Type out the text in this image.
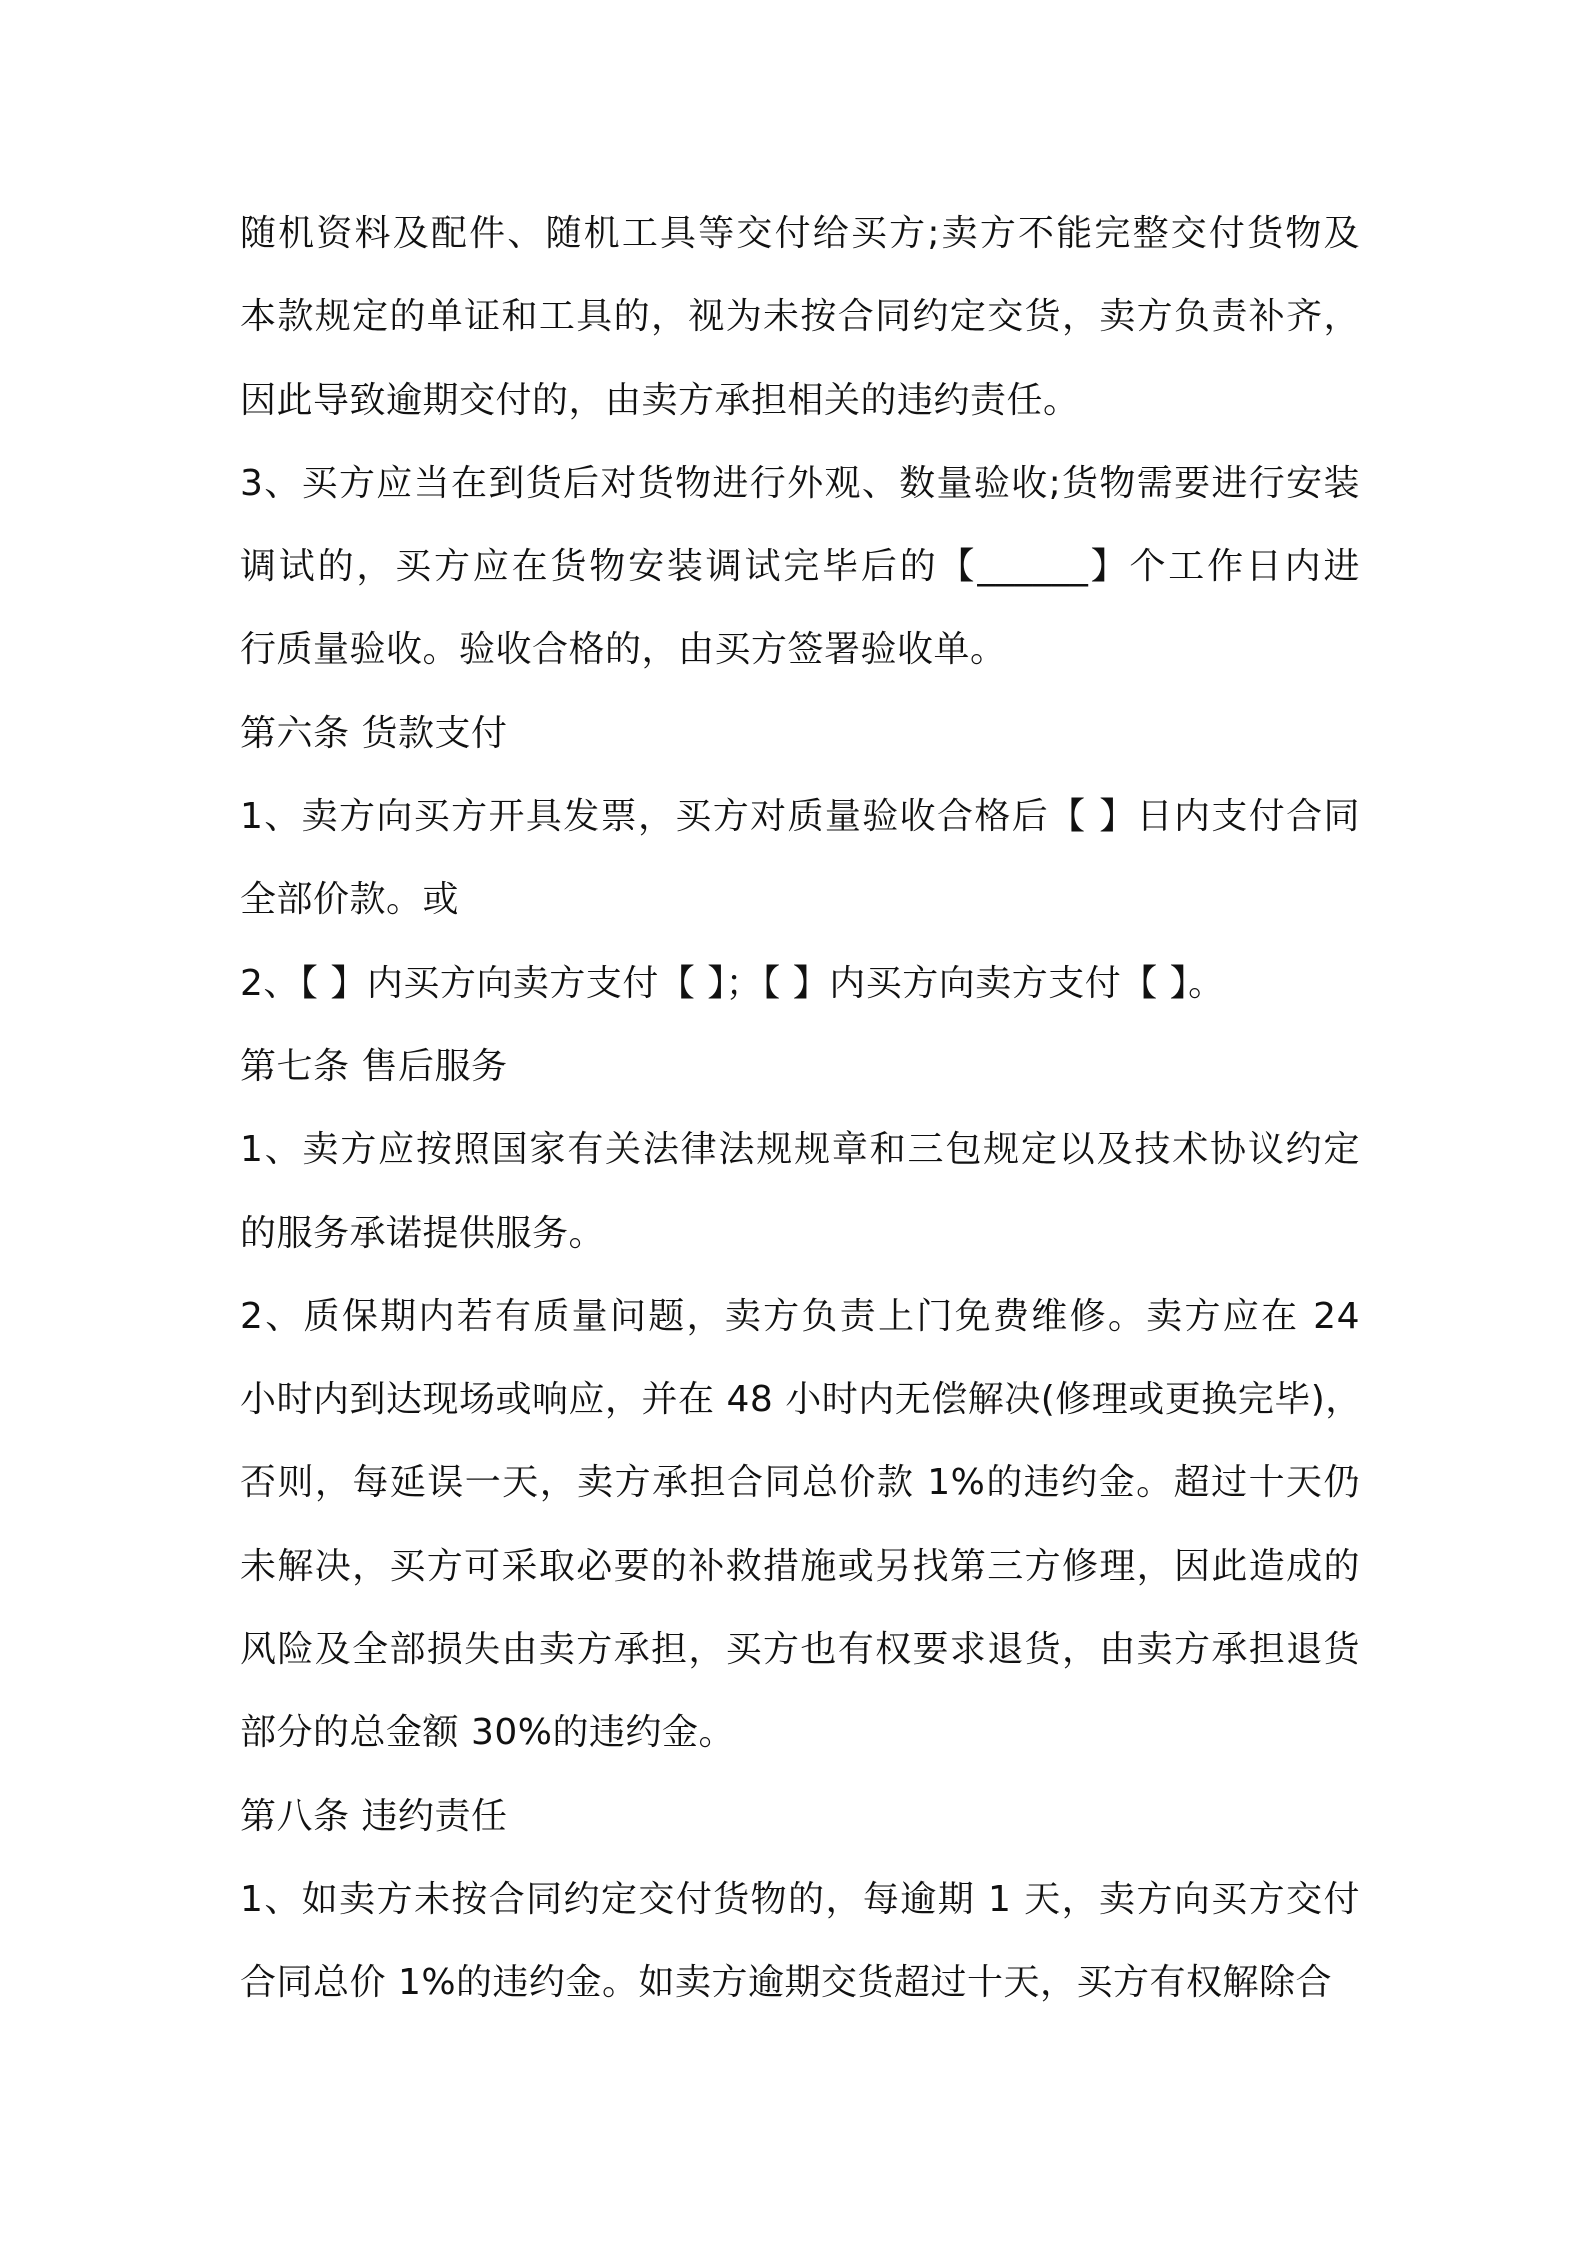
随机资料及配件、随机工具等交付给买方;卖方不能完整交付货物及
本款规定的单证和工具的，视为未按合同约定交货，卖方负责补齐，
因此导致逾期交付的，由卖方承担相关的违约责任。
3、买方应当在到货后对货物进行外观、数量验收;货物需要进行安装
调试的，买方应在货物安装调试完毕后的【______】个工作日内进
行质量验收。验收合格的，由买方签署验收单。
第六条 货款支付
1、卖方向买方开具发票，买方对质量验收合格后【 】日内支付合同
全部价款。或
2、【 】内买方向卖方支付【 】；【 】内买方向卖方支付【 】。
第七条 售后服务
1、卖方应按照国家有关法律法规规章和三包规定以及技术协议约定
的服务承诺提供服务。
2、质保期内若有质量问题，卖方负责上门免费维修。卖方应在 24
小时内到达现场或响应，并在 48 小时内无偿解决(修理或更换完毕)，
否则，每延误一天，卖方承担合同总价款 1%的违约金。超过十天仍
未解决，买方可采取必要的补救措施或另找第三方修理，因此造成的
风险及全部损失由卖方承担，买方也有权要求退货，由卖方承担退货
部分的总金额 30%的违约金。
第八条 违约责任
1、如卖方未按合同约定交付货物的，每逾期 1 天，卖方向买方交付
合同总价 1%的违约金。如卖方逾期交货超过十天，买方有权解除合
